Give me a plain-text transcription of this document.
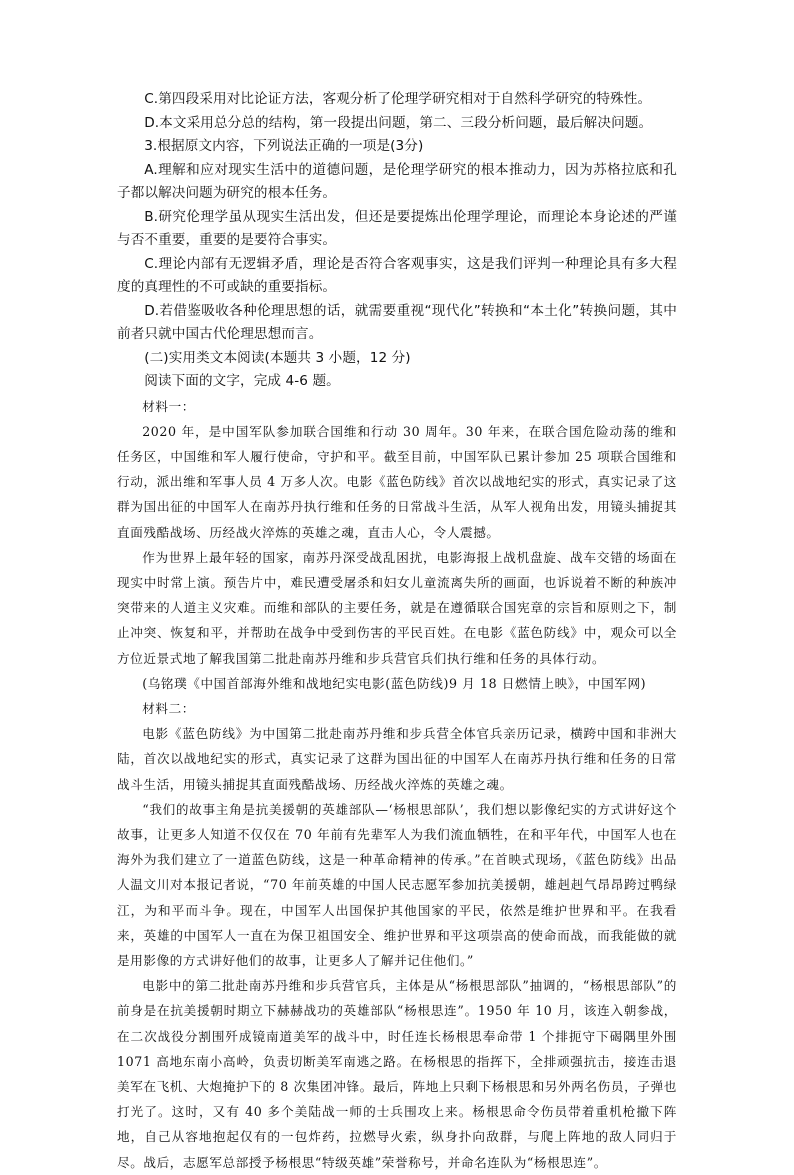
C.第四段采用对比论证方法，客观分析了伦理学研究相对于自然科学研究的特殊性。

D.本文采用总分总的结构，第一段提出问题，第二、三段分析问题，最后解决问题。

3.根据原文内容，下列说法正确的一项是(3分)

A.理解和应对现实生活中的道德问题，是伦理学研究的根本推动力，因为苏格拉底和孔子都以解决问题为研究的根本任务。

B.研究伦理学虽从现实生活出发，但还是要提炼出伦理学理论，而理论本身论述的严谨与否不重要，重要的是要符合事实。

C.理论内部有无逻辑矛盾，理论是否符合客观事实，这是我们评判一种理论具有多大程度的真理性的不可或缺的重要指标。

D.若借鉴吸收各种伦理思想的话，就需要重视“现代化”转换和“本土化”转换问题，其中前者只就中国古代伦理思想而言。

(二)实用类文本阅读(本题共 3 小题，12 分)

阅读下面的文字，完成 4-6 题。

材料一：

2020 年，是中国军队参加联合国维和行动 30 周年。30 年来，在联合国危险动荡的维和任务区，中国维和军人履行使命，守护和平。截至目前，中国军队已累计参加 25 项联合国维和行动，派出维和军事人员 4 万多人次。电影《蓝色防线》首次以战地纪实的形式，真实记录了这群为国出征的中国军人在南苏丹执行维和任务的日常战斗生活，从军人视角出发，用镜头捕捉其直面残酷战场、历经战火淬炼的英雄之魂，直击人心，令人震撼。

作为世界上最年轻的国家，南苏丹深受战乱困扰，电影海报上战机盘旋、战车交错的场面在现实中时常上演。预告片中，难民遭受屠杀和妇女儿童流离失所的画面，也诉说着不断的种族冲突带来的人道主义灾难。而维和部队的主要任务，就是在遵循联合国宪章的宗旨和原则之下，制止冲突、恢复和平，并帮助在战争中受到伤害的平民百姓。在电影《蓝色防线》中，观众可以全方位近景式地了解我国第二批赴南苏丹维和步兵营官兵们执行维和任务的具体行动。

(乌铭璞《中国首部海外维和战地纪实电影(蓝色防线)9 月 18 日燃情上映》，中国军网)

材料二：

电影《蓝色防线》为中国第二批赴南苏丹维和步兵营全体官兵亲历记录，横跨中国和非洲大陆，首次以战地纪实的形式，真实记录了这群为国出征的中国军人在南苏丹执行维和任务的日常战斗生活，用镜头捕捉其直面残酷战场、历经战火淬炼的英雄之魂。

“我们的故事主角是抗美援朝的英雄部队—‘杨根思部队’，我们想以影像纪实的方式讲好这个故事，让更多人知道不仅仅在 70 年前有先辈军人为我们流血牺牲，在和平年代，中国军人也在海外为我们建立了一道蓝色防线，这是一种革命精神的传承。”在首映式现场，《蓝色防线》出品人温文川对本报记者说，“70 年前英雄的中国人民志愿军参加抗美援朝，雄赳赳气昂昂跨过鸭绿江，为和平而斗争。现在，中国军人出国保护其他国家的平民，依然是维护世界和平。在我看来，英雄的中国军人一直在为保卫祖国安全、维护世界和平这项崇高的使命而战，而我能做的就是用影像的方式讲好他们的故事，让更多人了解并记住他们。”

电影中的第二批赴南苏丹维和步兵营官兵，主体是从“杨根思部队”抽调的，“杨根思部队”的前身是在抗美援朝时期立下赫赫战功的英雄部队“杨根思连”。1950 年 10 月，该连入朝参战，在二次战役分割围歼成镜南道美军的战斗中，时任连长杨根思奉命带 1 个排扼守下碣隅里外围 1071 高地东南小高岭，负责切断美军南逃之路。在杨根思的指挥下，全排顽强抗击，接连击退美军在飞机、大炮掩护下的 8 次集团冲锋。最后，阵地上只剩下杨根思和另外两名伤员，子弹也打光了。这时，又有 40 多个美陆战一师的士兵围攻上来。杨根思命令伤员带着重机枪撤下阵地，自己从容地抱起仅有的一包炸药，拉燃导火索，纵身扑向敌群，与爬上阵地的敌人同归于尽。战后，志愿军总部授予杨根思“特级英雄”荣誉称号，并命名连队为“杨根思连”。
